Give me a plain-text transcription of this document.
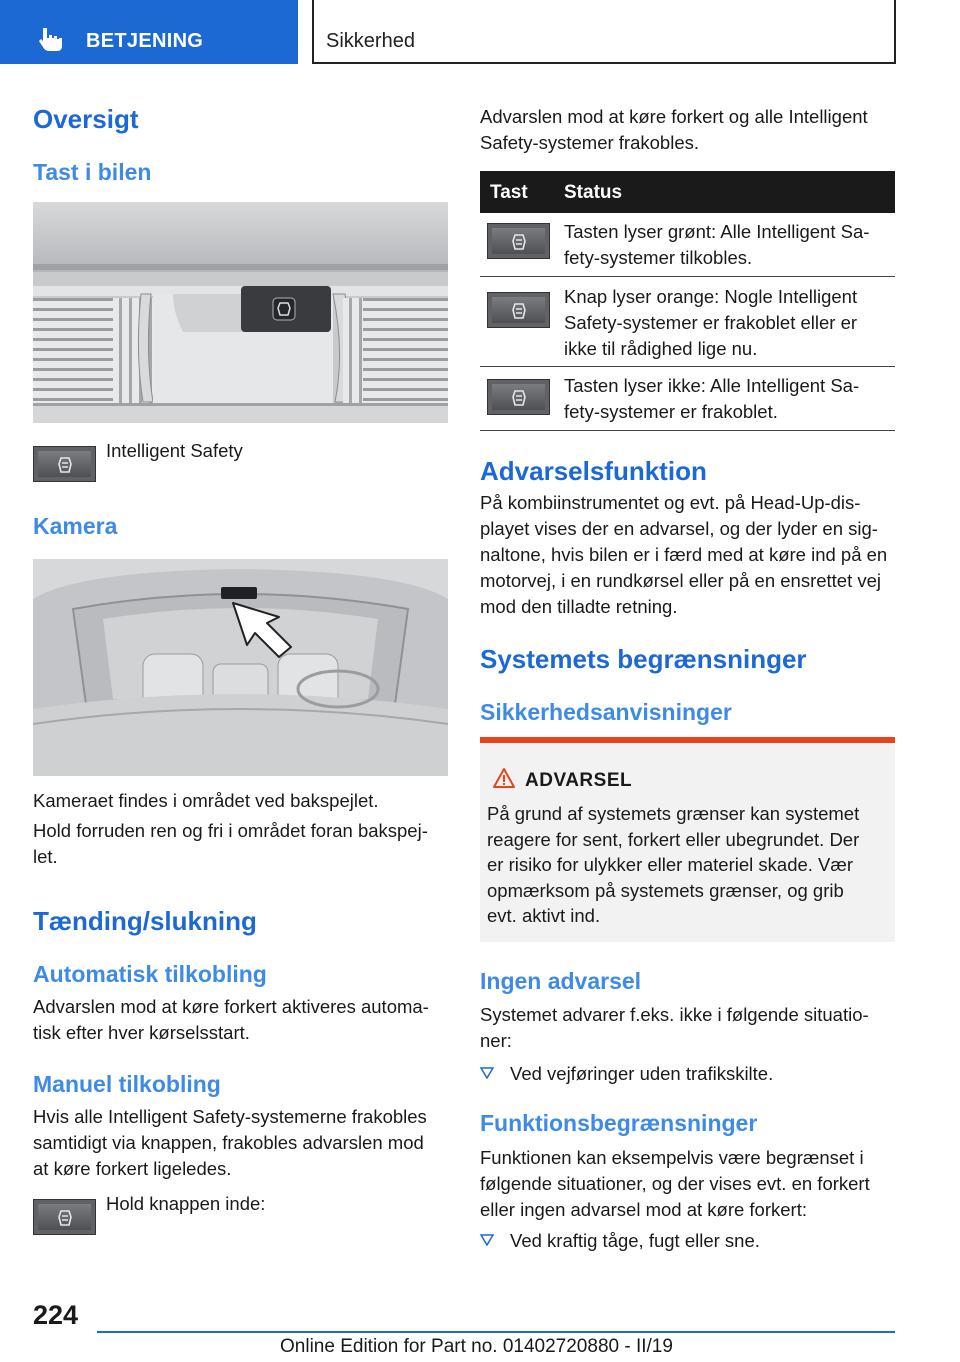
BETJENING	Sikkerhed
Oversigt
Tast i bilen
Intelligent Safety
Kamera
Kameraet findes i området ved bakspejlet.
Hold forruden ren og fri i området foran bakspej‐
let.
Tænding/slukning
Automatisk tilkobling
Advarslen mod at køre forkert aktiveres automa‐
tisk efter hver kørselsstart.
Manuel tilkobling
Hvis alle Intelligent Safety-systemerne frakobles
samtidigt via knappen, frakobles advarslen mod
at køre forkert ligeledes.
Hold knappen inde:
Advarslen mod at køre forkert og alle Intelligent
Safety-systemer frakobles.
Tast Status
Tasten lyser grønt: Alle Intelligent Sa‐
fety-systemer tilkobles.
Knap lyser orange: Nogle Intelligent
Safety-systemer er frakoblet eller er
ikke til rådighed lige nu.
Tasten lyser ikke: Alle Intelligent Sa‐
fety-systemer er frakoblet.
Advarselsfunktion
På kombiinstrumentet og evt. på Head-Up-dis‐
playet vises der en advarsel, og der lyder en sig‐
naltone, hvis bilen er i færd med at køre ind på en
motorvej, i en rundkørsel eller på en ensrettet vej
mod den tilladte retning.
Systemets begrænsninger
Sikkerhedsanvisninger
ADVARSEL
På grund af systemets grænser kan systemet
reagere for sent, forkert eller ubegrundet. Der
er risiko for ulykker eller materiel skade. Vær
opmærksom på systemets grænser, og grib
evt. aktivt ind.
Ingen advarsel
Systemet advarer f.eks. ikke i følgende situatio‐
ner:
Ved vejføringer uden trafikskilte.
Funktionsbegrænsninger
Funktionen kan eksempelvis være begrænset i
følgende situationer, og der vises evt. en forkert
eller ingen advarsel mod at køre forkert:
Ved kraftig tåge, fugt eller sne.
224
Online Edition for Part no. 01402720880 - II/19
